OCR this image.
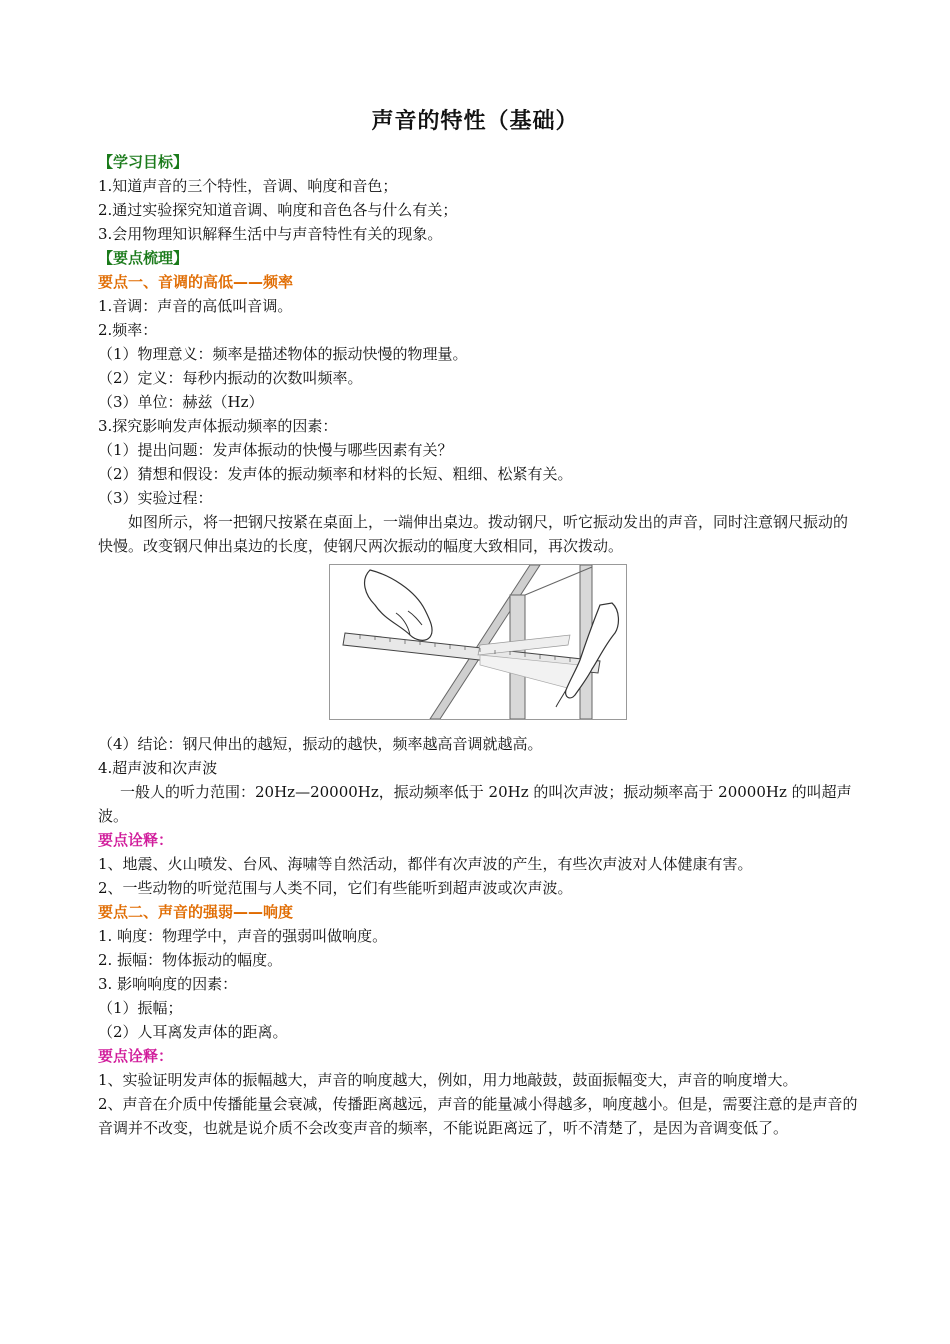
声音的特性（基础）
【学习目标】
1.知道声音的三个特性，音调、响度和音色；
2.通过实验探究知道音调、响度和音色各与什么有关；
3.会用物理知识解释生活中与声音特性有关的现象。
【要点梳理】
要点一、音调的高低——频率
1.音调：声音的高低叫音调。
2.频率：
（1）物理意义：频率是描述物体的振动快慢的物理量。
（2）定义：每秒内振动的次数叫频率。
（3）单位：赫兹（Hz）
3.探究影响发声体振动频率的因素：
（1）提出问题：发声体振动的快慢与哪些因素有关？
（2）猜想和假设：发声体的振动频率和材料的长短、粗细、松紧有关。
（3）实验过程：
如图所示，将一把钢尺按紧在桌面上，一端伸出桌边。拨动钢尺，听它振动发出的声音，同时注意钢尺振动的快慢。改变钢尺伸出桌边的长度，使钢尺两次振动的幅度大致相同，再次拨动。
（4）结论：钢尺伸出的越短，振动的越快，频率越高音调就越高。
4.超声波和次声波
一般人的听力范围：20Hz—20000Hz，振动频率低于 20Hz 的叫次声波；振动频率高于 20000Hz 的叫超声波。
要点诠释：
1、地震、火山喷发、台风、海啸等自然活动，都伴有次声波的产生，有些次声波对人体健康有害。
2、一些动物的听觉范围与人类不同，它们有些能听到超声波或次声波。
要点二、声音的强弱——响度
1. 响度：物理学中，声音的强弱叫做响度。
2. 振幅：物体振动的幅度。
3. 影响响度的因素：
（1）振幅；
（2）人耳离发声体的距离。
要点诠释：
1、实验证明发声体的振幅越大，声音的响度越大，例如，用力地敲鼓，鼓面振幅变大，声音的响度增大。
2、声音在介质中传播能量会衰减，传播距离越远，声音的能量减小得越多，响度越小。但是，需要注意的是声音的音调并不改变，也就是说介质不会改变声音的频率，不能说距离远了，听不清楚了，是因为音调变低了。
